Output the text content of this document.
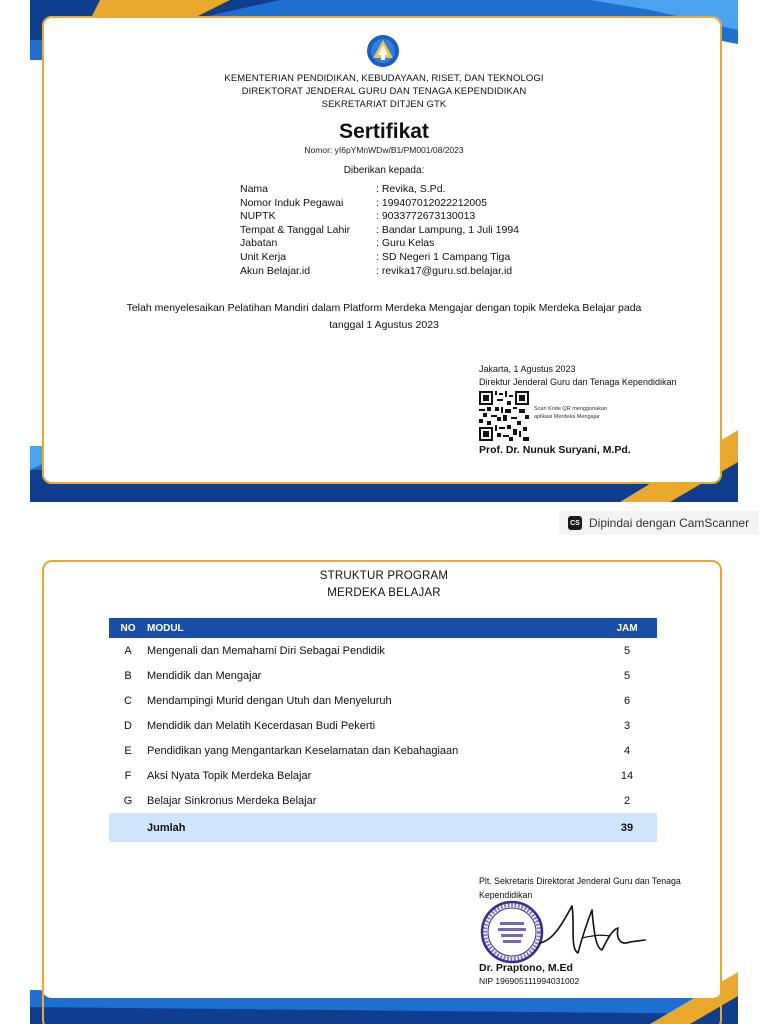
KEMENTERIAN PENDIDIKAN, KEBUDAYAAN, RISET, DAN TEKNOLOGI
DIREKTORAT JENDERAL GURU DAN TENAGA KEPENDIDIKAN
SEKRETARIAT DITJEN GTK
Sertifikat
Nomor: yI6pYMnWDw/B1/PM001/08/2023
Diberikan kepada:
Nama	: Revika, S.Pd.
Nomor Induk Pegawai	: 199407012022212005
NUPTK	: 9033772673130013
Tempat & Tanggal Lahir	: Bandar Lampung, 1 Juli 1994
Jabatan	: Guru Kelas
Unit Kerja	: SD Negeri 1 Campang Tiga
Akun Belajar.id	: revika17@guru.sd.belajar.id
Telah menyelesaikan Pelatihan Mandiri dalam Platform Merdeka Mengajar dengan topik Merdeka Belajar pada
tanggal 1 Agustus 2023
Jakarta, 1 Agustus 2023
Direktur Jenderal Guru dan Tenaga Kependidikan
Scan Kode QR menggunakan aplikasi Merdeka Mengajar
Prof. Dr. Nunuk Suryani, M.Pd.
CS Dipindai dengan CamScanner
STRUKTUR PROGRAM
MERDEKA BELAJAR
NO	MODUL	JAM
A	Mengenali dan Memahami Diri Sebagai Pendidik	5
B	Mendidik dan Mengajar	5
C	Mendampingi Murid dengan Utuh dan Menyeluruh	6
D	Mendidik dan Melatih Kecerdasan Budi Pekerti	3
E	Pendidikan yang Mengantarkan Keselamatan dan Kebahagiaan	4
F	Aksi Nyata Topik Merdeka Belajar	14
G	Belajar Sinkronus Merdeka Belajar	2
	Jumlah	39
Plt. Sekretaris Direktorat Jenderal Guru dan Tenaga
Kependidikan
Dr. Praptono, M.Ed
NIP 196905111994031002
